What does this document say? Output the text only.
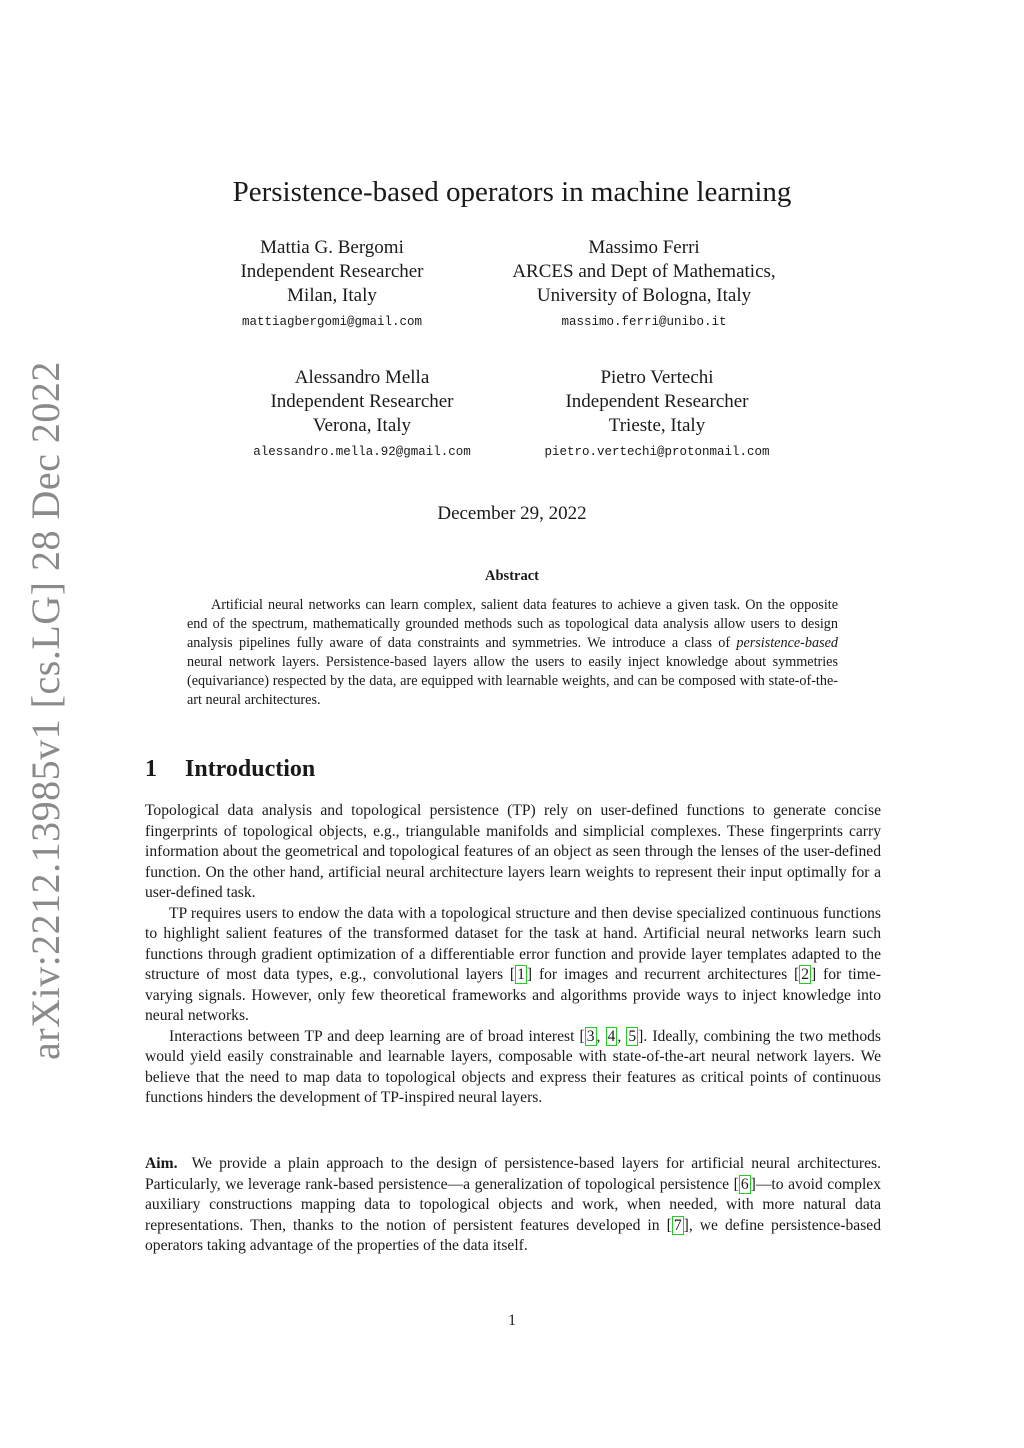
arXiv:2212.13985v1 [cs.LG] 28 Dec 2022
Persistence-based operators in machine learning
Mattia G. Bergomi
Independent Researcher
Milan, Italy
mattiagbergomi@gmail.com
Massimo Ferri
ARCES and Dept of Mathematics,
University of Bologna, Italy
massimo.ferri@unibo.it
Alessandro Mella
Independent Researcher
Verona, Italy
alessandro.mella.92@gmail.com
Pietro Vertechi
Independent Researcher
Trieste, Italy
pietro.vertechi@protonmail.com
December 29, 2022
Abstract
Artificial neural networks can learn complex, salient data features to achieve a given task. On the opposite end of the spectrum, mathematically grounded methods such as topological data analysis allow users to design analysis pipelines fully aware of data constraints and symmetries. We introduce a class of persistence-based neural network layers. Persistence-based layers allow the users to easily inject knowledge about symmetries (equivariance) respected by the data, are equipped with learnable weights, and can be composed with state-of-the-art neural architectures.
1 Introduction

Topological data analysis and topological persistence (TP) rely on user-defined functions to generate concise fingerprints of topological objects, e.g., triangulable manifolds and simplicial complexes. These fingerprints carry information about the geometrical and topological features of an object as seen through the lenses of the user-defined function. On the other hand, artificial neural architecture layers learn weights to represent their input optimally for a user-defined task.

TP requires users to endow the data with a topological structure and then devise specialized continuous functions to highlight salient features of the transformed dataset for the task at hand. Artificial neural networks learn such functions through gradient optimization of a differentiable error function and provide layer templates adapted to the structure of most data types, e.g., convolutional layers [ 1 ] for images and recurrent architectures [ 2 ] for time-varying signals. However, only few theoretical frameworks and algorithms provide ways to inject knowledge into neural networks.

Interactions between TP and deep learning are of broad interest [ 3 , 4 , 5 ]. Ideally, combining the two methods would yield easily constrainable and learnable layers, composable with state-of-the-art neural network layers. We believe that the need to map data to topological objects and express their features as critical points of continuous functions hinders the development of TP-inspired neural layers.

Aim.  We provide a plain approach to the design of persistence-based layers for artificial neural architectures. Particularly, we leverage rank-based persistence—a generalization of topological persistence [ 6 ]—to avoid complex auxiliary constructions mapping data to topological objects and work, when needed, with more natural data representations. Then, thanks to the notion of persistent features developed in [ 7 ], we define persistence-based operators taking advantage of the properties of the data itself.

1
